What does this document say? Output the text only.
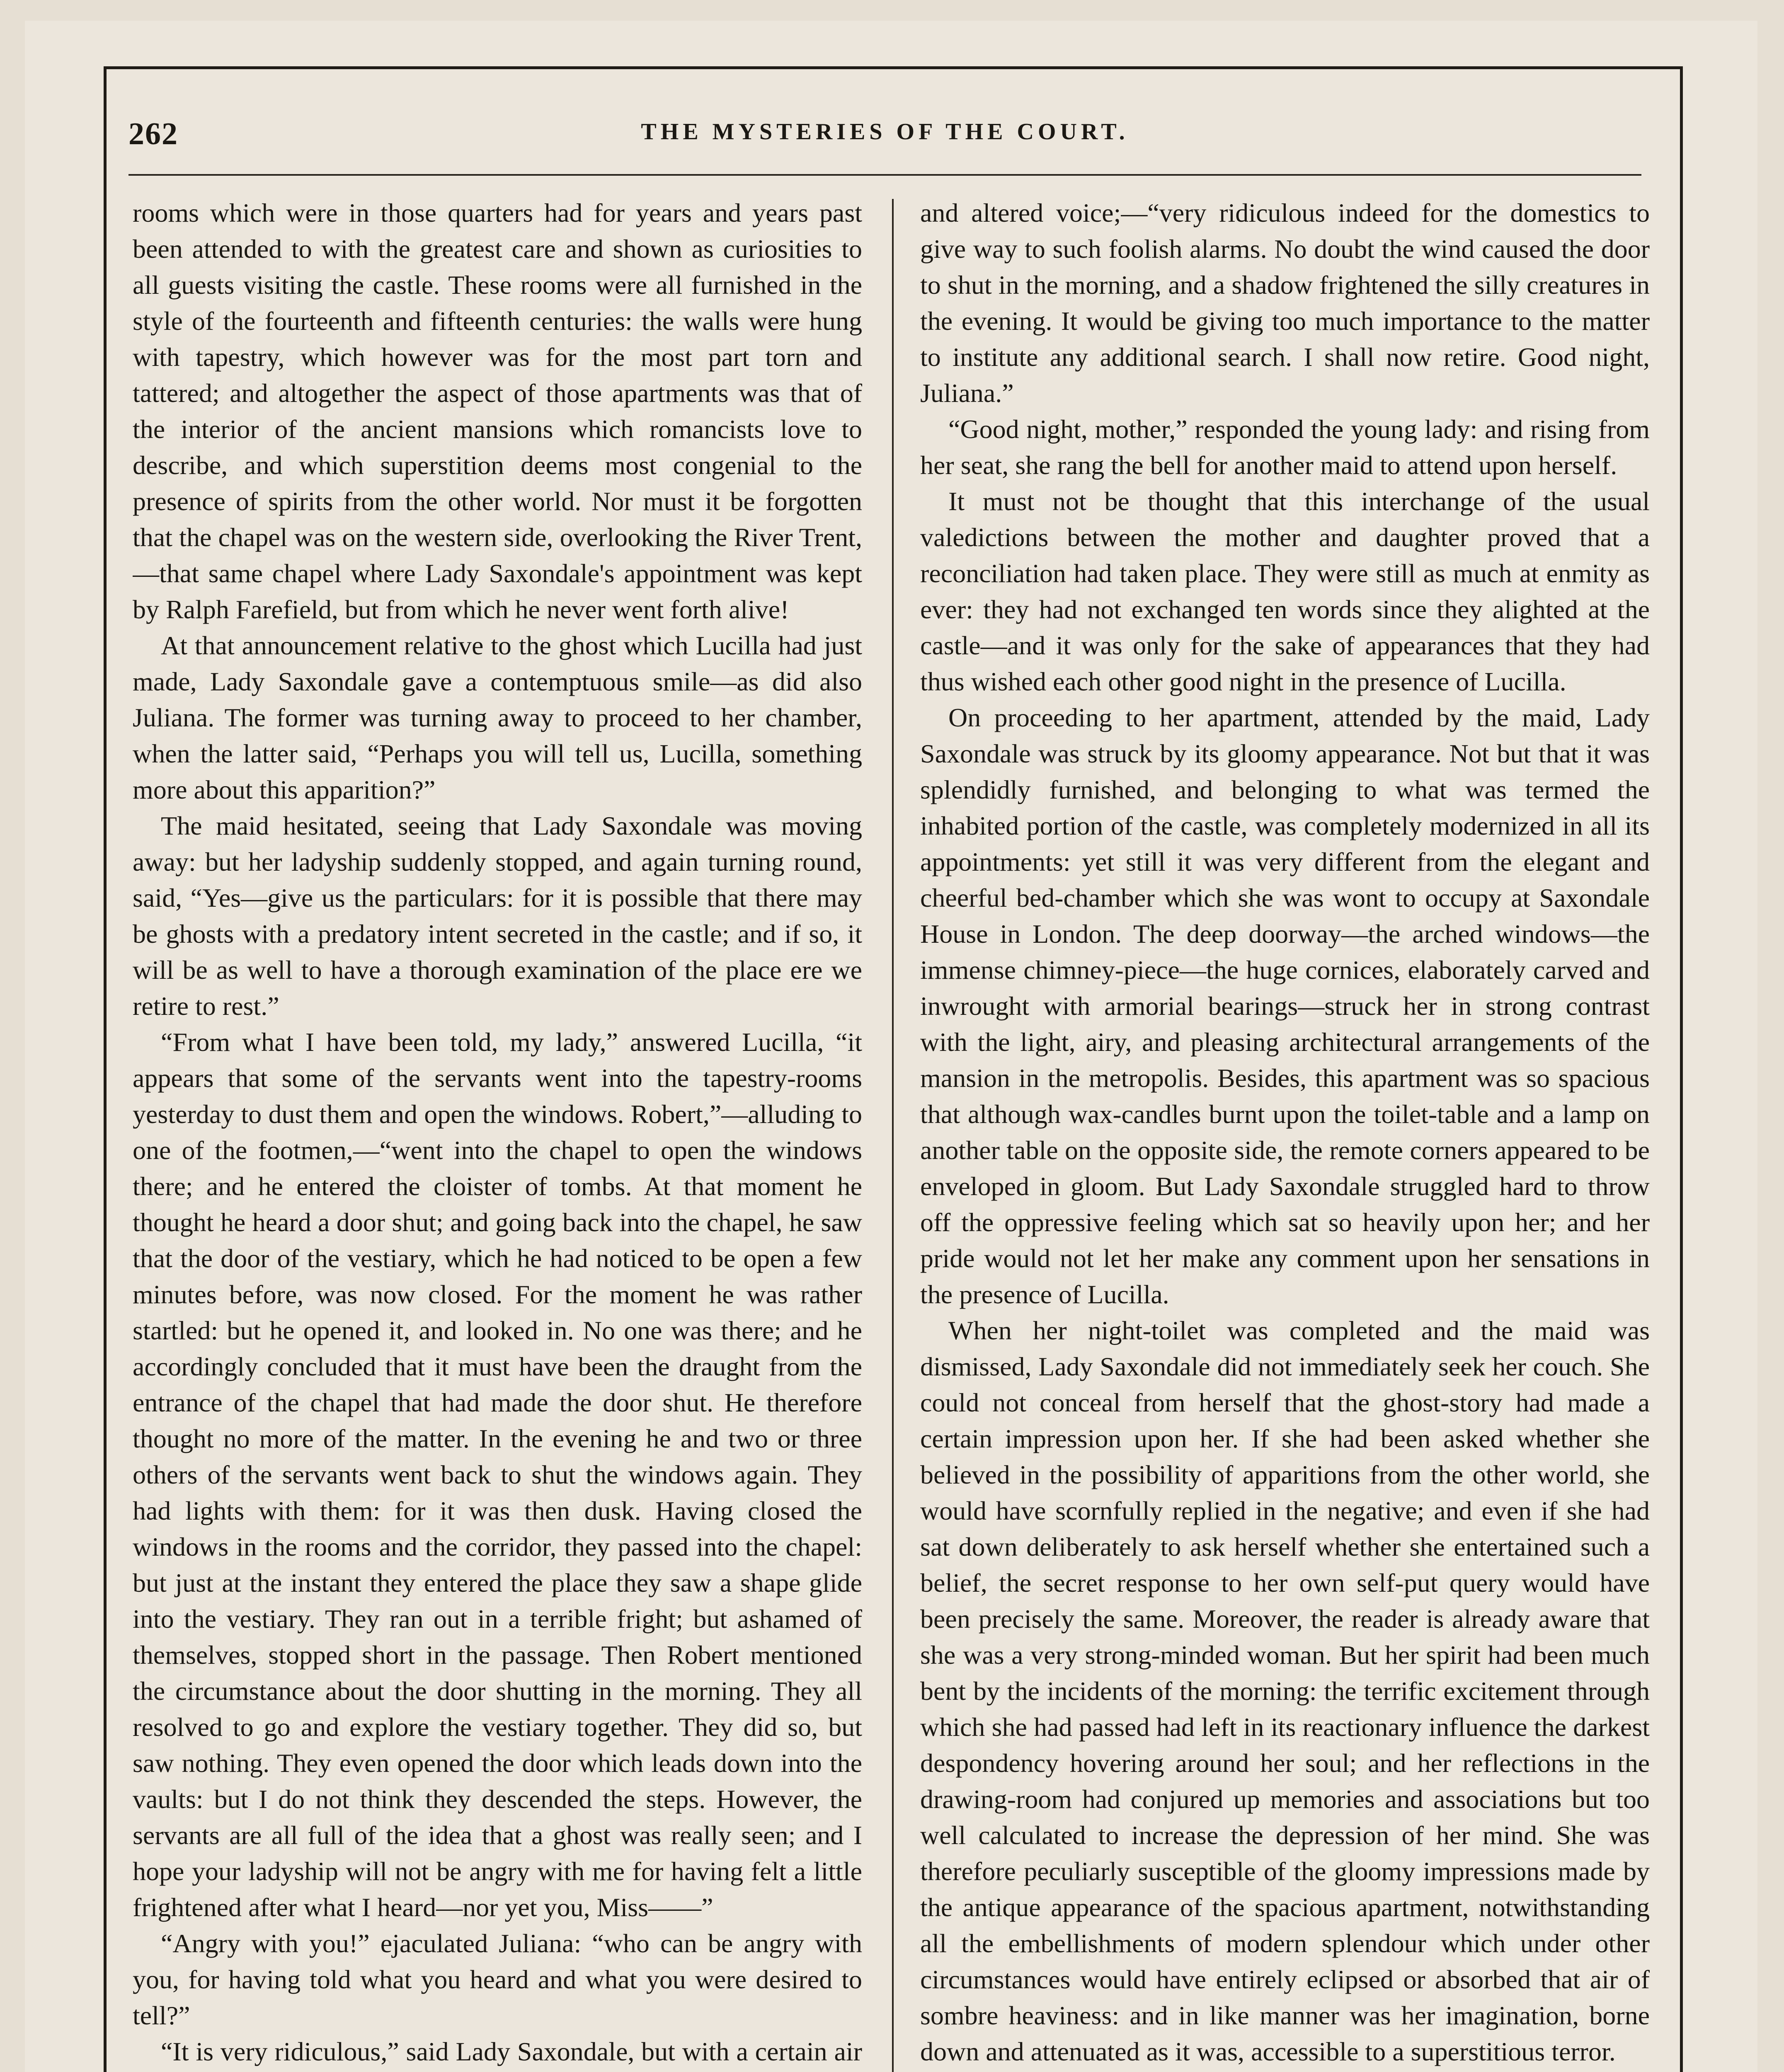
262	THE MYSTERIES OF THE COURT.

rooms which were in those quarters had for years and years past been attended to with the greatest care and shown as curiosities to all guests visiting the castle. These rooms were all furnished in the style of the fourteenth and fifteenth centuries: the walls were hung with tapestry, which however was for the most part torn and tattered; and altogether the aspect of those apartments was that of the interior of the ancient mansions which romancists love to describe, and which superstition deems most congenial to the presence of spirits from the other world. Nor must it be forgotten that the chapel was on the western side, overlooking the River Trent,—that same chapel where Lady Saxondale's appointment was kept by Ralph Farefield, but from which he never went forth alive!

At that announcement relative to the ghost which Lucilla had just made, Lady Saxondale gave a contemptuous smile—as did also Juliana. The former was turning away to proceed to her chamber, when the latter said, “Perhaps you will tell us, Lucilla, something more about this apparition?”

The maid hesitated, seeing that Lady Saxondale was moving away: but her ladyship suddenly stopped, and again turning round, said, “Yes—give us the particulars: for it is possible that there may be ghosts with a predatory intent secreted in the castle; and if so, it will be as well to have a thorough examination of the place ere we retire to rest.”

“From what I have been told, my lady,” answered Lucilla, “it appears that some of the servants went into the tapestry-rooms yesterday to dust them and open the windows. Robert,”—alluding to one of the footmen,—“went into the chapel to open the windows there; and he entered the cloister of tombs. At that moment he thought he heard a door shut; and going back into the chapel, he saw that the door of the vestiary, which he had noticed to be open a few minutes before, was now closed. For the moment he was rather startled: but he opened it, and looked in. No one was there; and he accordingly concluded that it must have been the draught from the entrance of the chapel that had made the door shut. He therefore thought no more of the matter. In the evening he and two or three others of the servants went back to shut the windows again. They had lights with them: for it was then dusk. Having closed the windows in the rooms and the corridor, they passed into the chapel: but just at the instant they entered the place they saw a shape glide into the vestiary. They ran out in a terrible fright; but ashamed of themselves, stopped short in the passage. Then Robert mentioned the circumstance about the door shutting in the morning. They all resolved to go and explore the vestiary together. They did so, but saw nothing. They even opened the door which leads down into the vaults: but I do not think they descended the steps. However, the servants are all full of the idea that a ghost was really seen; and I hope your ladyship will not be angry with me for having felt a little frightened after what I heard—nor yet you, Miss——”

“Angry with you!” ejaculated Juliana: “who can be angry with you, for having told what you heard and what you were desired to tell?”

“It is very ridiculous,” said Lady Saxondale, but with a certain air

and altered voice;—“very ridiculous indeed for the domestics to give way to such foolish alarms. No doubt the wind caused the door to shut in the morning, and a shadow frightened the silly creatures in the evening. It would be giving too much importance to the matter to institute any additional search. I shall now retire. Good night, Juliana.”

“Good night, mother,” responded the young lady: and rising from her seat, she rang the bell for another maid to attend upon herself.

It must not be thought that this interchange of the usual valedictions between the mother and daughter proved that a reconciliation had taken place. They were still as much at enmity as ever: they had not exchanged ten words since they alighted at the castle—and it was only for the sake of appearances that they had thus wished each other good night in the presence of Lucilla.

On proceeding to her apartment, attended by the maid, Lady Saxondale was struck by its gloomy appearance. Not but that it was splendidly furnished, and belonging to what was termed the inhabited portion of the castle, was completely modernized in all its appointments: yet still it was very different from the elegant and cheerful bed-chamber which she was wont to occupy at Saxondale House in London. The deep doorway—the arched windows—the immense chimney-piece—the huge cornices, elaborately carved and inwrought with armorial bearings—struck her in strong contrast with the light, airy, and pleasing architectural arrangements of the mansion in the metropolis. Besides, this apartment was so spacious that although wax-candles burnt upon the toilet-table and a lamp on another table on the opposite side, the remote corners appeared to be enveloped in gloom. But Lady Saxondale struggled hard to throw off the oppressive feeling which sat so heavily upon her; and her pride would not let her make any comment upon her sensations in the presence of Lucilla.

When her night-toilet was completed and the maid was dismissed, Lady Saxondale did not immediately seek her couch. She could not conceal from herself that the ghost-story had made a certain impression upon her. If she had been asked whether she believed in the possibility of apparitions from the other world, she would have scornfully replied in the negative; and even if she had sat down deliberately to ask herself whether she entertained such a belief, the secret response to her own self-put query would have been precisely the same. Moreover, the reader is already aware that she was a very strong-minded woman. But her spirit had been much bent by the incidents of the morning: the terrific excitement through which she had passed had left in its reactionary influence the darkest despondency hovering around her soul; and her reflections in the drawing-room had conjured up memories and associations but too well calculated to increase the depression of her mind. She was therefore peculiarly susceptible of the gloomy impressions made by the antique appearance of the spacious apartment, notwithstanding all the embellishments of modern splendour which under other circumstances would have entirely eclipsed or absorbed that air of sombre heaviness: and in like manner was her imagination, borne down and attenuated as it was, accessible to a superstitious terror.
